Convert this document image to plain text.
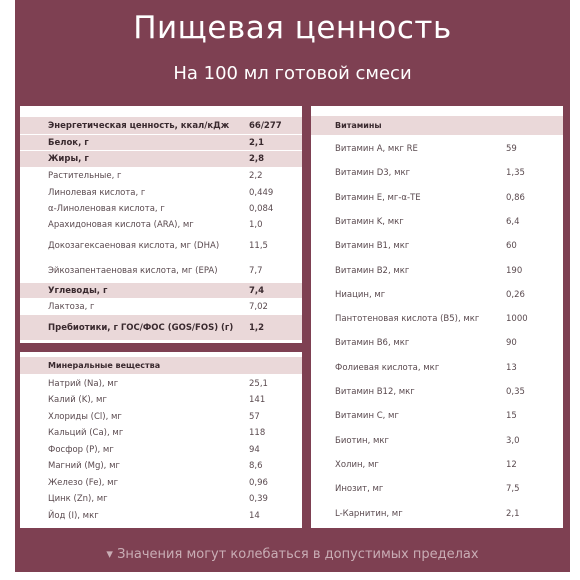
Пищевая ценность
На 100 мл готовой смеси
Энергетическая ценность, ккал/кДж	66/277
Белок, г	2,1
Жиры, г	2,8
Растительные, г	2,2
Линолевая кислота, г	0,449
α-Линоленовая кислота, г	0,084
Арахидоновая кислота (ARA), мг	1,0
Докозагексаеновая кислота, мг (DHA)	11,5
Эйкозапентаеновая кислота, мг (EPA)	7,7
Углеводы, г	7,4
Лактоза, г	7,02
Пребиотики, г ГОС/ФОС (GOS/FOS) (г)	1,2
Минеральные вещества
Натрий (Na), мг	25,1
Калий (K), мг	141
Хлориды (Cl), мг	57
Кальций (Ca), мг	118
Фосфор (P), мг	94
Магний (Mg), мг	8,6
Железо (Fe), мг	0,96
Цинк (Zn), мг	0,39
Йод (I), мкг	14
Витамины
Витамин А, мкг RE	59
Витамин D3, мкг	1,35
Витамин Е, мг-α-TE	0,86
Витамин K, мкг	6,4
Витамин B1, мкг	60
Витамин B2, мкг	190
Ниацин, мг	0,26
Пантотеновая кислота (B5), мкг	1000
Витамин B6, мкг	90
Фолиевая кислота, мкг	13
Витамин B12, мкг	0,35
Витамин С, мг	15
Биотин, мкг	3,0
Холин, мг	12
Инозит, мг	7,5
L-Карнитин, мг	2,1
▾ Значения могут колебаться в допустимых пределах
